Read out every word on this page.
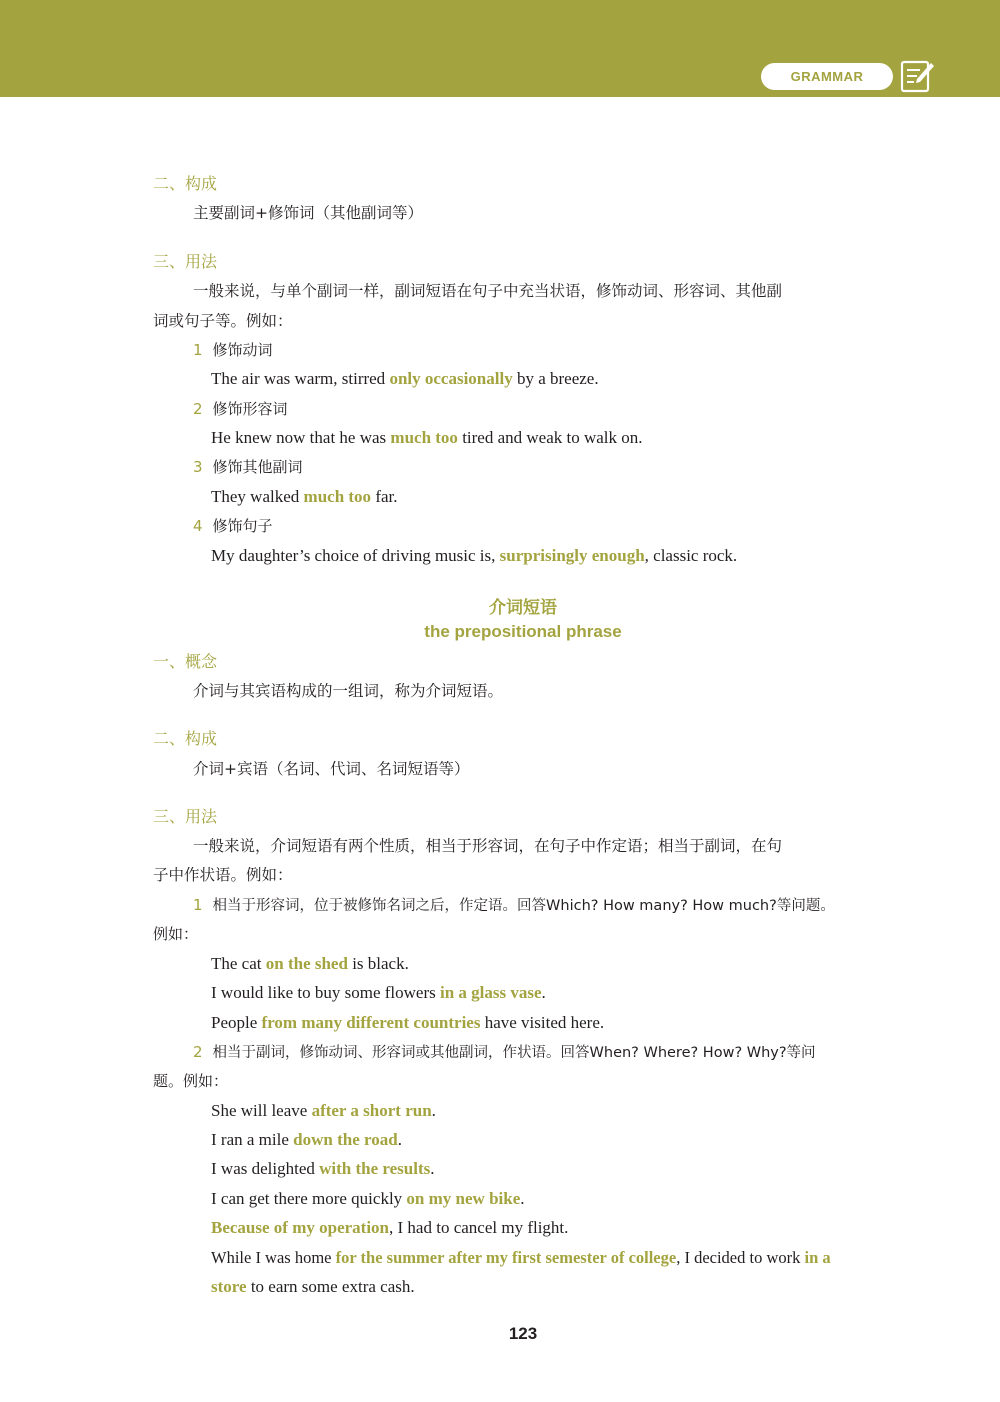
GRAMMAR
二、构成
主要副词+修饰词（其他副词等）
三、用法
一般来说，与单个副词一样，副词短语在句子中充当状语，修饰动词、形容词、其他副
词或句子等。例如：
1 修饰动词
The air was warm, stirred only occasionally by a breeze.
2 修饰形容词
He knew now that he was much too tired and weak to walk on.
3 修饰其他副词
They walked much too far.
4 修饰句子
My daughter’s choice of driving music is, surprisingly enough, classic rock.
介词短语
the prepositional phrase
一、概念
介词与其宾语构成的一组词，称为介词短语。
二、构成
介词+宾语（名词、代词、名词短语等）
三、用法
一般来说，介词短语有两个性质，相当于形容词，在句子中作定语；相当于副词，在句
子中作状语。例如：
1 相当于形容词，位于被修饰名词之后，作定语。回答Which? How many? How much?等问题。
例如：
The cat on the shed is black.
I would like to buy some flowers in a glass vase.
People from many different countries have visited here.
2 相当于副词，修饰动词、形容词或其他副词，作状语。回答When? Where? How? Why?等问
题。例如：
She will leave after a short run.
I ran a mile down the road.
I was delighted with the results.
I can get there more quickly on my new bike.
Because of my operation, I had to cancel my flight.
While I was home for the summer after my first semester of college, I decided to work in a
store to earn some extra cash.
123
